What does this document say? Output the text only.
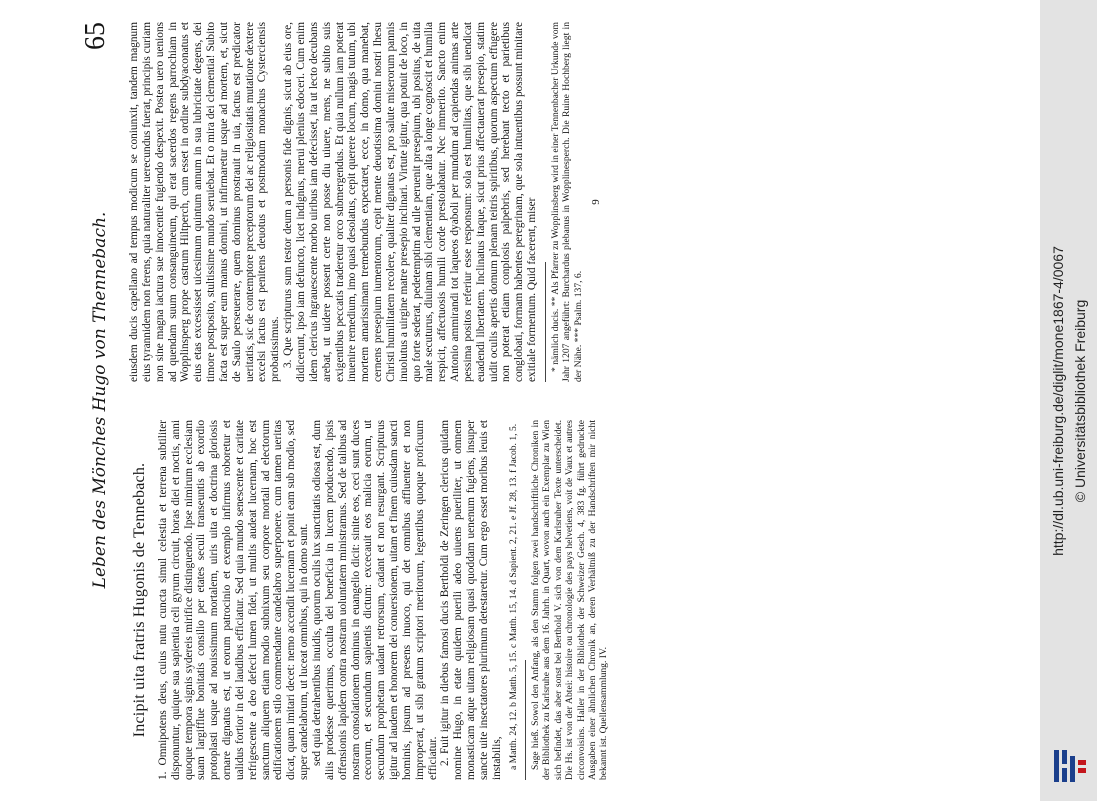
Leben des Mönches Hugo von Thennebach.
65
Incipit uita fratris Hugonis de Tennebach. 1. Omnipotens deus, cuius nutu cuncta simul celestia et terrena subtiliter disponuntur, quique sua sapientia celi gyrum circuit, horas diei et noctis, anni quoque tempora signis sydereis mirifice distinguendo. Ipse nimirum ecclesiam suam largifflue bonitatis consilio per etates seculi transeuntis ab exordio protoplasti usque ad nouissimum mortalem, uiris uita et doctrina gloriosis ornare dignatus est, ut eorum patrocinio et exemplo infirmus roboretur et ualidus fortior in dei laudibus efficiatur. Sed quia mundo senescente et caritate refrigescente a deo defecit lumen fidei, ut multis audeat lucernam, hoc est sanctum aliquem etiam modio subnixum seu corpore mortali ad electorum edificationem stilo commendante candelabro superponere. cum tamen ueritas dicat, quam imitari decet: nemo accendit lucernam et ponit eam sub modio, sed super candelabrum, ut luceat omnibus, qui in domo sunt. sed quia detrahentibus inuidis, quorum oculis lux sanctitatis odiosa est, dum aliis prodesse querimus, occulta dei beneficia in lucem producendo, ipsis offensionis lapidem contra nostram uoluntatem ministramus. Sed de talibus ad nostram consolationem dominus in euangelio dicit: sinite eos, ceci sunt duces cecorum, et secundum sapientis dictum: excecauit eos malicia eorum, ut secundum prophetam uadant retrorsum, cadant et non resurgant. Scripturus igitur ad laudem et honorem dei conuersionem, uitam et finem cuiusdam sancti hominis, ipsum ad presens inuoco, qui det omnibus affluenter et non improperat, ut sibi gratum scriptori meritorum, legentibus quoque proficuum efficiatur. 2. Fuit igitur in diebus famosi ducis Bertholdi de Zeringen clericus quidam nomine Hugo, in etate quidem puerili adeo uiuens pueriliter, ut omnem monasticam atque uitam religiosam quasi quoddam uenenum fugiens, insuper sancte uite insectatores plurimum detestaretur. Cum ergo esset moribus leuis et instabilis, a Matth. 24, 12. b Matth. 5, 15. c Matth. 15, 14. d Sapient. 2, 21. e Jf. 28, 13. f Jacob. 1, 5. Sage hieß. Sowol den Anfang, als den Stamm folgen zwei handschriftliche Chroniken in der Bibliothek zu Karlsruhe aus dem 16. Jahrh. in Quart, wovon auch ein Exemplar zu Wien sich befindet, das aber sonst bei Berthold V. sich von dem Karlsruher Texte unterscheidet. Die Hs. ist von der Abtei: histoire ou chronologie des pays helvetiens, voit de Vaux et autres circonvoisins. Haller in der Bibliothek der Schweizer Gesch. 4, 383 fg. führt gedruckte Ausgaben einer ähnlichen Chronik an, deren Verhältniß zu der Handschriften mir nicht bekannt ist. Quellensammlung. IV.

eiusdem ducis capellano ad tempus modicum se coniunxit, tandem magnum eius tyrannidem non ferens, quia naturaliter uerecundus fuerat, principis curiam non sine magna iactura sue innocentie fugiendo despexit. Postea uero uenions ad quendam suum consanguineum, qui erat sacerdos regens parrochiam in Wopplinsperg prope castrum Hiltperch, cum esset in ordine subdyaconatus et eius etas excessisset uicesimum quintum annum in sua lubricitate degens, dei timore postposito, stultissime mundo seruiebat. Et o mira dei clementia! Subito facta est super eum manus domini, ut infirmaretur usque ad mortem, et, sicut de Saulo perseuerare, quem dominus prostrauit in uia, factus est predicator ueritatis, sic de contemptore preceptorum dei ac religiositatis mutatione dextere excelsi factus est penitens deuotus et postmodum monachus Cysterciensis probatissimus. 3. Que scripturus sum testor deum a personis fide dignis, sicut ab eius ore, didicerunt, ipso iam defuncto, licet indignus, merui plenius edoceri. Cum enim idem clericus ingrauescente morbo uiribus iam defecisset, ita ut lecto decubans arebat, ut uidere possent certe non posse diu uiuere, mens, ne subito suis exigentibus peccatis traderetur orco submergendus. Et quia nullum iam poterat inuenire remedium, imo quasi desolatus, cepit querere locum, magis tutum, ubi mortem amarissimam tremebundus expectaret, ecce, in domo, qua manebat, cernens presepium iumentorum, cepit mente deuotissima domini nostri Ihesu Christi humilitatem recolere, qualiter dignatus est, pro salute miserorum pannis inuolutus a uirgine matre presepio inclinari. Virtute igitur, qua potuit de loco, in quo forte sederat, pedetemptim ad ulle peruenit presepium, ubi positus, de uita male secuturus, diuinam sibi clementiam, que alta a longe cognoscit et humilia respicit, affectuosis humili corde prestolabatur. Nec immerito. Sancto enim Antonio ammirandi tot laqueos dyaboli per mundum ad capiendas animas arte pessima positos referiur esse responsum: sola est humilitas, que sibi uendicat euadendi libertatem. Inclinatus itaque, sicut prius affectauerat presepio, statim uidit oculis apertis domum plenam teitris spiritibus, quorum aspectum effugere non poterat etiam conplosis palpebris, sed herebant tecto et parietibus conglobati, formam habentes peregrinam, que sola intuentibus possunt minitare exitiale formentum. Quid facerent, miser * nämlich ducis. ** Als Pfarrer zu Wopplinsberg wird in einer Tennenbacher Urkunde vom Jahr 1207 angeführt: Burchardus plebanus in Wopplinesperch. Die Ruine Hochberg liegt in der Nähe. *** Psalm. 137, 6.

9
http://dl.ub.uni-freiburg.de/diglit/mone1867-4/0067 © Universitätsbibliothek Freiburg
